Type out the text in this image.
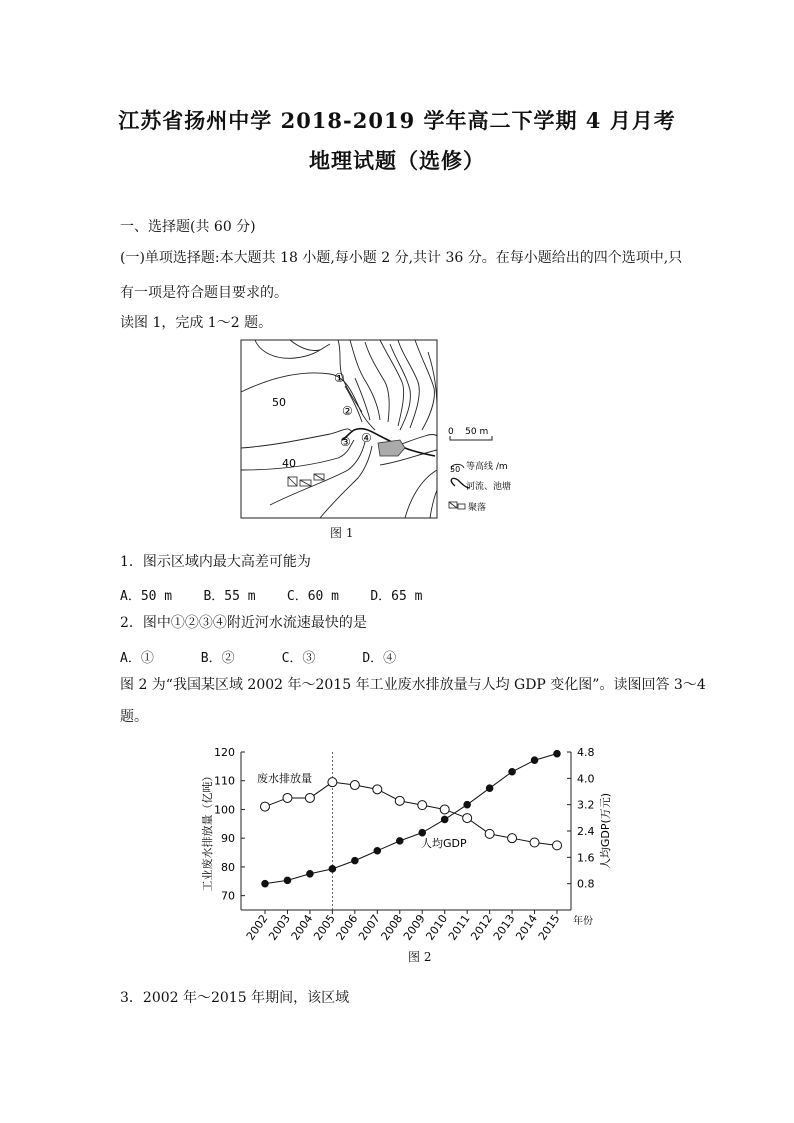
江苏省扬州中学 2018-2019 学年高二下学期 4 月月考
地理试题（选修）
一、选择题(共 60 分)
(一)单项选择题:本大题共 18 小题,每小题 2 分,共计 36 分。在每小题给出的四个选项中,只
有一项是符合题目要求的。
读图 1，完成 1～2 题。
50
40
①
②
③ ④	0    50 m
50 等高线 /m
河流、池塘
聚落
图 1
1．图示区域内最大高差可能为
A．50 m    B．55 m    C．60 m    D．65 m
2．图中①②③④附近河水流速最快的是
A．①      B．②      C．③      D．④
图 2 为“我国某区域 2002 年～2015 年工业废水排放量与人均 GDP 变化图”。读图回答 3～4
题。
70
80
90
100
110
120
0.8
1.6
2.4
3.2
4.0
4.8
2002
2003
2004
2005
2006
2007
2008
2009
2010
2011
2012
2013
2014
2015
工业废水排放量（亿吨）	人均GDP(万元)
废水排放量
人均GDP
年份
图 2
3．2002 年～2015 年期间，该区域
